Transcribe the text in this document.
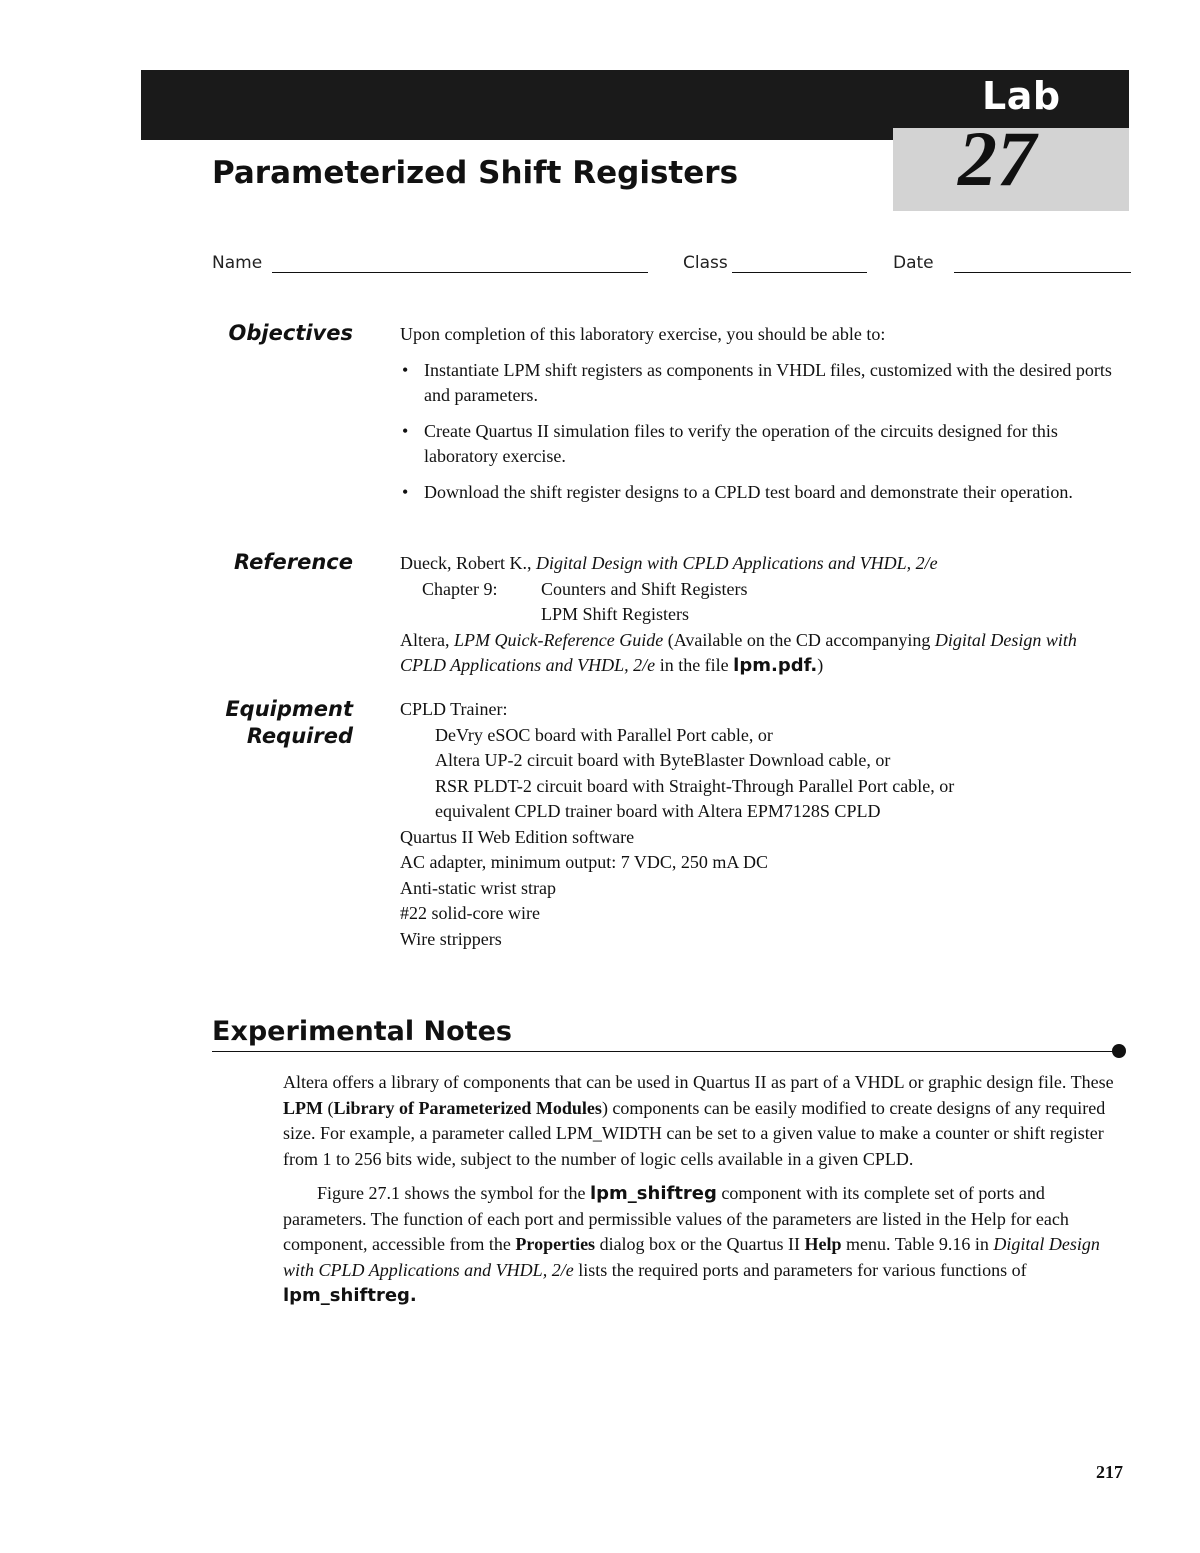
Lab
27
Parameterized Shift Registers
Name	Class	Date
Objectives	Upon completion of this laboratory exercise, you should be able to:

• Instantiate LPM shift registers as components in VHDL files, customized with the desired ports and parameters.
• Create Quartus II simulation files to verify the operation of the circuits designed for this laboratory exercise.
• Download the shift register designs to a CPLD test board and demonstrate their operation.
Reference	Dueck, Robert K., Digital Design with CPLD Applications and VHDL, 2/e

Chapter 9:	Counters and Shift Registers
LPM Shift Registers

Altera, LPM Quick-Reference Guide (Available on the CD accompanying Digital Design with CPLD Applications and VHDL, 2/e in the file lpm.pdf.)

Equipment
Required

CPLD Trainer:

DeVry eSOC board with Parallel Port cable, or

Altera UP-2 circuit board with ByteBlaster Download cable, or

RSR PLDT-2 circuit board with Straight-Through Parallel Port cable, or

equivalent CPLD trainer board with Altera EPM7128S CPLD

Quartus II Web Edition software

AC adapter, minimum output: 7 VDC, 250 mA DC

Anti-static wrist strap

#22 solid-core wire

Wire strippers

Experimental Notes

Altera offers a library of components that can be used in Quartus II as part of a VHDL or graphic design file. These LPM (Library of Parameterized Modules) components can be easily modified to create designs of any required size. For example, a parameter called LPM_WIDTH can be set to a given value to make a counter or shift register from 1 to 256 bits wide, subject to the number of logic cells available in a given CPLD.

Figure 27.1 shows the symbol for the lpm_shiftreg component with its complete set of ports and parameters. The function of each port and permissible values of the parameters are listed in the Help for each component, accessible from the Properties dialog box or the Quartus II Help menu. Table 9.16 in Digital Design with CPLD Applications and VHDL, 2/e lists the required ports and parameters for various functions of lpm_shiftreg.

217
